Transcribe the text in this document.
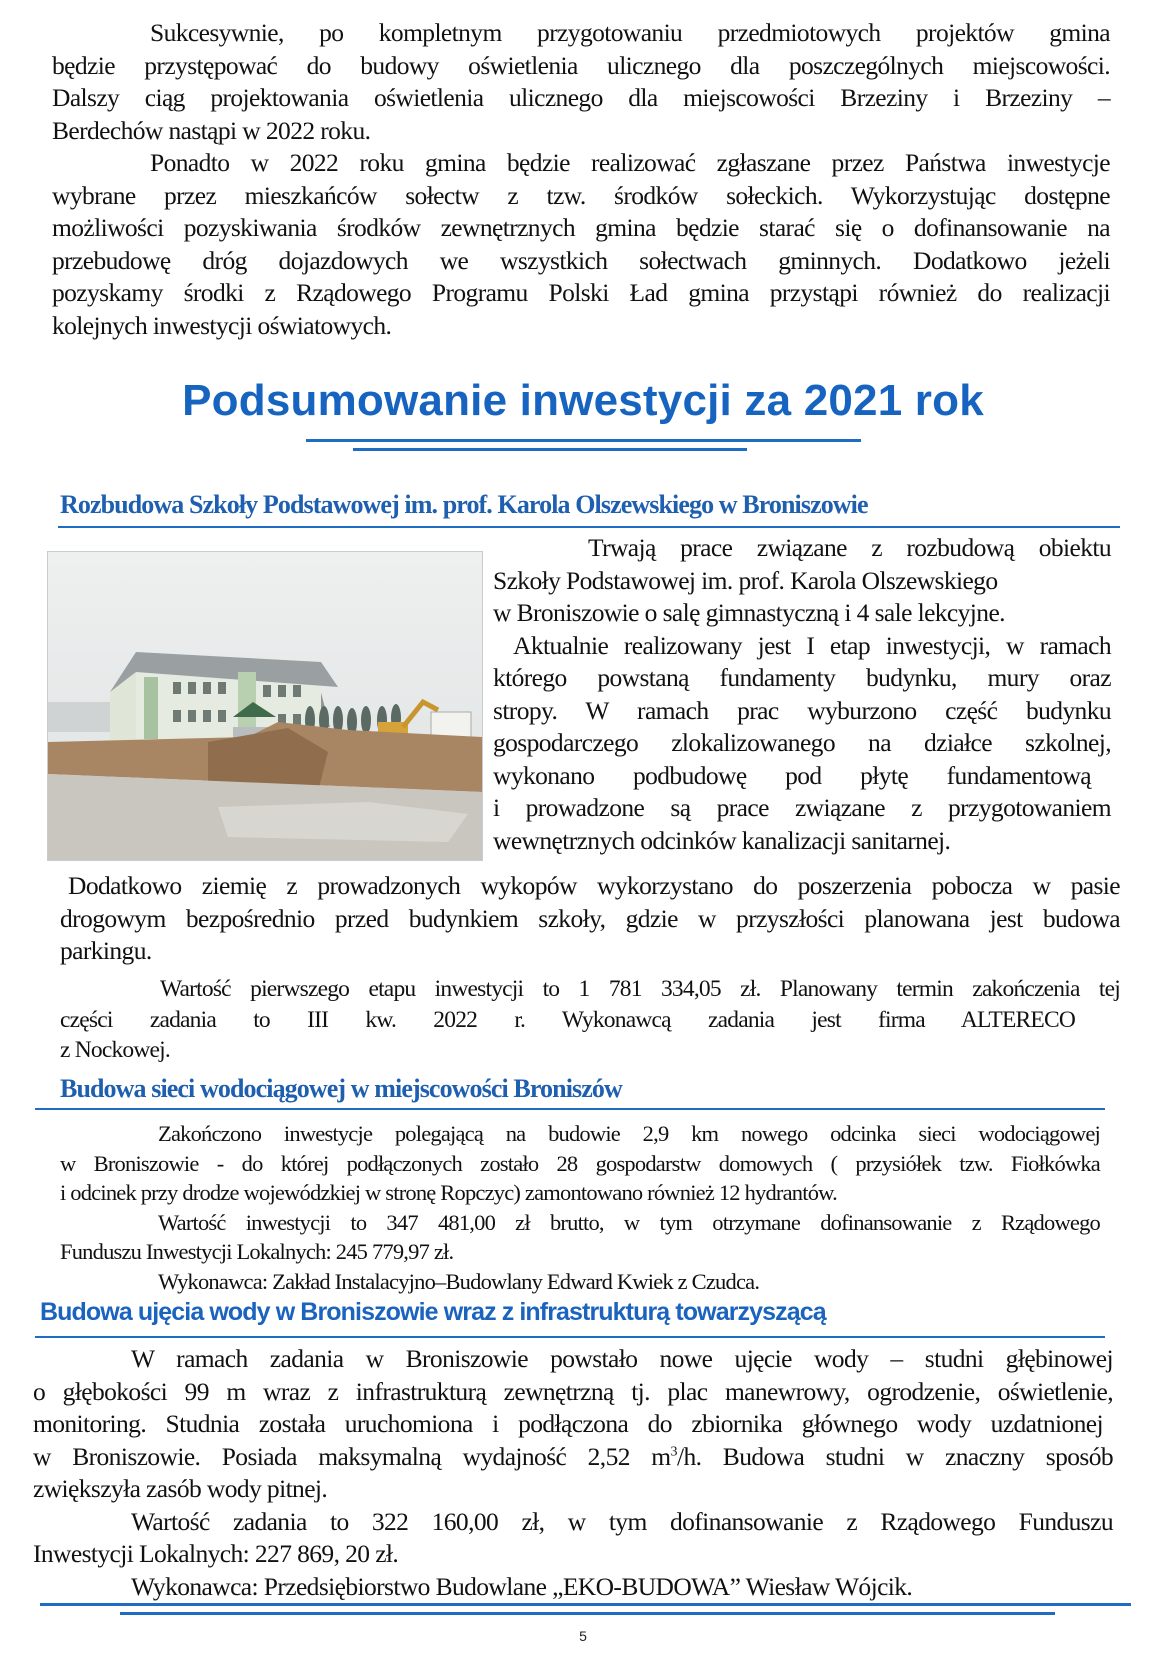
Sukcesywnie, po kompletnym przygotowaniu przedmiotowych projektów gmina
będzie przystępować do budowy oświetlenia ulicznego dla poszczególnych miejscowości.
Dalszy ciąg projektowania oświetlenia ulicznego dla miejscowości Brzeziny i Brzeziny –
Berdechów nastąpi w 2022 roku.
Ponadto w 2022 roku gmina będzie realizować zgłaszane przez Państwa inwestycje
wybrane przez mieszkańców sołectw z tzw. środków sołeckich. Wykorzystując dostępne
możliwości pozyskiwania środków zewnętrznych gmina będzie starać się o dofinansowanie na
przebudowę dróg dojazdowych we wszystkich sołectwach gminnych. Dodatkowo jeżeli
pozyskamy środki z Rządowego Programu Polski Ład gmina przystąpi również do realizacji
kolejnych inwestycji oświatowych.
Podsumowanie inwestycji za 2021 rok
Rozbudowa Szkoły Podstawowej im. prof. Karola Olszewskiego w Broniszowie
Trwają prace związane z rozbudową obiektu
Szkoły Podstawowej im. prof. Karola Olszewskiego
w Broniszowie o salę gimnastyczną i 4 sale lekcyjne.
Aktualnie realizowany jest I etap inwestycji, w ramach
którego powstaną fundamenty budynku, mury oraz
stropy. W ramach prac wyburzono część budynku
gospodarczego zlokalizowanego na działce szkolnej,
wykonano podbudowę pod płytę fundamentową
i prowadzone są prace związane z przygotowaniem
wewnętrznych odcinków kanalizacji sanitarnej.
Dodatkowo ziemię z prowadzonych wykopów wykorzystano do poszerzenia pobocza w pasie
drogowym bezpośrednio przed budynkiem szkoły, gdzie w przyszłości planowana jest budowa
parkingu.
Wartość pierwszego etapu inwestycji to 1 781 334,05 zł. Planowany termin zakończenia tej
części zadania to III kw. 2022 r. Wykonawcą zadania jest firma ALTERECO
z Nockowej.
Budowa sieci wodociągowej w miejscowości Broniszów
Zakończono inwestycje polegającą na budowie 2,9 km nowego odcinka sieci wodociągowej
w Broniszowie - do której podłączonych zostało 28 gospodarstw domowych ( przysiółek tzw. Fiołkówka
i odcinek przy drodze wojewódzkiej w stronę Ropczyc) zamontowano również 12 hydrantów.
Wartość inwestycji to 347 481,00 zł brutto, w tym otrzymane dofinansowanie z Rządowego
Funduszu Inwestycji Lokalnych: 245 779,97 zł.
Wykonawca: Zakład Instalacyjno–Budowlany Edward Kwiek z Czudca.
Budowa ujęcia wody w Broniszowie wraz z infrastrukturą towarzyszącą
W ramach zadania w Broniszowie powstało nowe ujęcie wody – studni głębinowej
o głębokości 99 m wraz z infrastrukturą zewnętrzną tj. plac manewrowy, ogrodzenie, oświetlenie,
monitoring. Studnia została uruchomiona i podłączona do zbiornika głównego wody uzdatnionej
w Broniszowie. Posiada maksymalną wydajność 2,52 $m^3/h$. Budowa studni w znaczny sposób
zwiększyła zasób wody pitnej.
Wartość zadania to 322 160,00 zł, w tym dofinansowanie z Rządowego Funduszu
Inwestycji Lokalnych: 227 869, 20 zł.
Wykonawca: Przedsiębiorstwo Budowlane „EKO-BUDOWA” Wiesław Wójcik.
5
